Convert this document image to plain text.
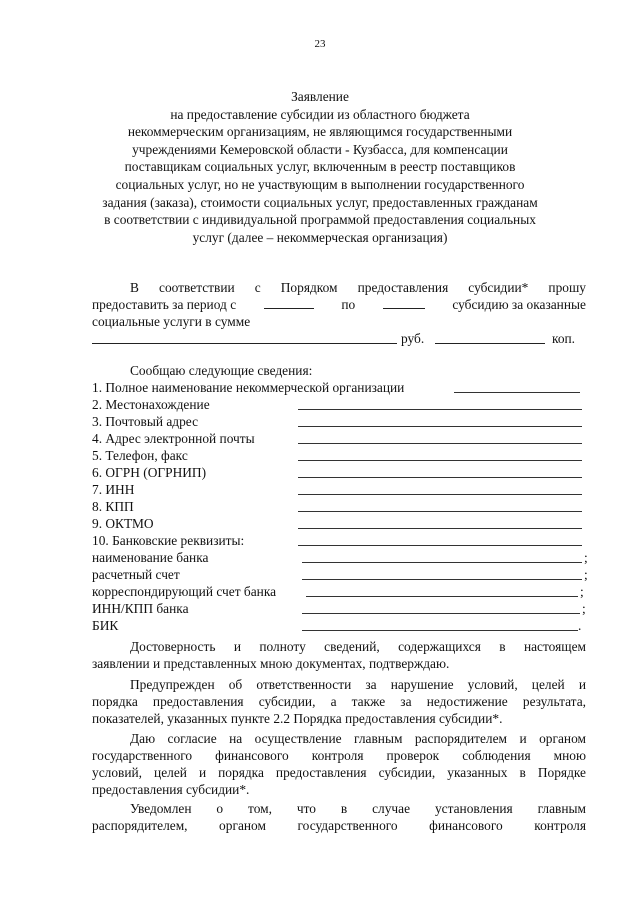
23
Заявление
на предоставление субсидии из областного бюджета
некоммерческим организациям, не являющимся государственными
учреждениями Кемеровской области - Кузбасса, для компенсации
поставщикам социальных услуг, включенным в реестр поставщиков
социальных услуг, но не участвующим в выполнении государственного
задания (заказа), стоимости социальных услуг, предоставленных гражданам
в соответствии с индивидуальной программой предоставления социальных
услуг (далее – некоммерческая организация)
В соответствии с Порядком предоставления субсидии* прошу
предоставить за период с	по	субсидию за оказанные
социальные услуги в сумме
руб.	коп.
Сообщаю следующие сведения:
1. Полное наименование некоммерческой организации
2. Местонахождение
3. Почтовый адрес
4. Адрес электронной почты
5. Телефон, факс
6. ОГРН (ОГРНИП)
7. ИНН
8. КПП
9. ОКТМО
10. Банковские реквизиты:
наименование банка	;
расчетный счет	;
корреспондирующий счет банка	;
ИНН/КПП банка	;
БИК	.
Достоверность и полноту сведений, содержащихся в настоящем
заявлении и представленных мною документах, подтверждаю.
Предупрежден об ответственности за нарушение условий, целей и
порядка предоставления субсидии, а также за недостижение результата,
показателей, указанных пункте 2.2 Порядка предоставления субсидии*.
Даю согласие на осуществление главным распорядителем и органом
государственного финансового контроля проверок соблюдения мною
условий, целей и порядка предоставления субсидии, указанных в Порядке
предоставления субсидии*.
Уведомлен о том, что в случае установления главным
распорядителем, органом государственного финансового контроля
